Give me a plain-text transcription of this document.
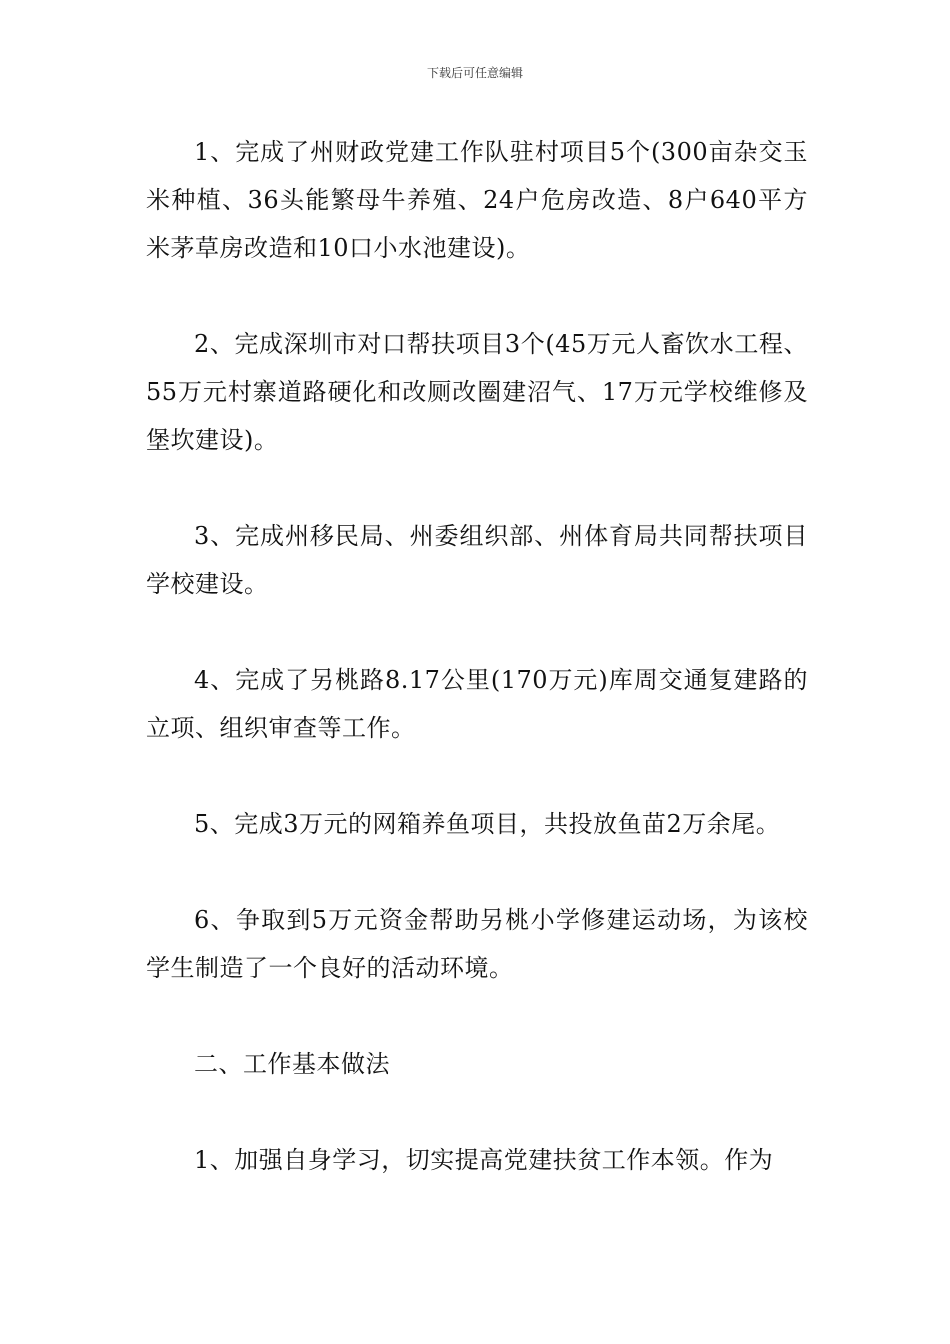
下载后可任意编辑

1、完成了州财政党建工作队驻村项目5个(300亩杂交玉米种植、36头能繁母牛养殖、24户危房改造、8户640平方米茅草房改造和10口小水池建设)。

2、完成深圳市对口帮扶项目3个(45万元人畜饮水工程、55万元村寨道路硬化和改厕改圈建沼气、17万元学校维修及堡坎建设)。

3、完成州移民局、州委组织部、州体育局共同帮扶项目学校建设。

4、完成了另桃路8.17公里(170万元)库周交通复建路的立项、组织审查等工作。

5、完成3万元的网箱养鱼项目，共投放鱼苗2万余尾。

6、争取到5万元资金帮助另桃小学修建运动场，为该校学生制造了一个良好的活动环境。

二、工作基本做法

1、加强自身学习，切实提高党建扶贫工作本领。作为
